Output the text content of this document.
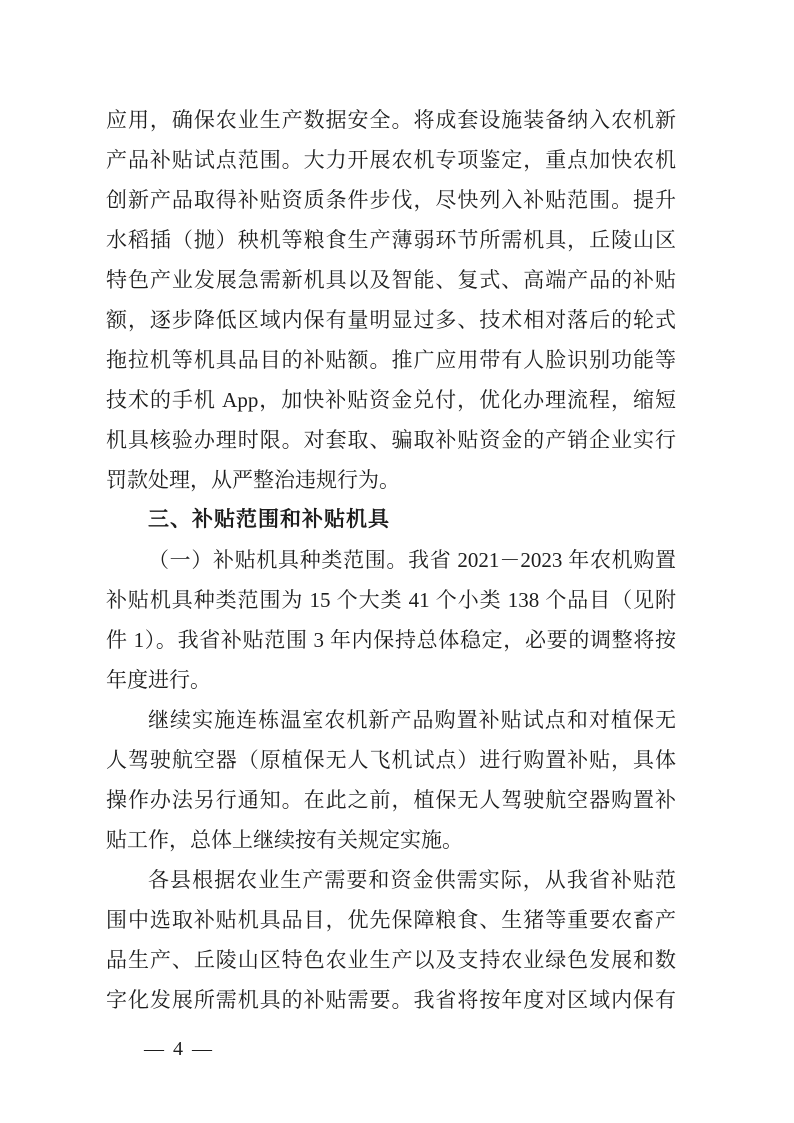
应用，确保农业生产数据安全。将成套设施装备纳入农机新
产品补贴试点范围。大力开展农机专项鉴定，重点加快农机
创新产品取得补贴资质条件步伐，尽快列入补贴范围。提升
水稻插（抛）秧机等粮食生产薄弱环节所需机具，丘陵山区
特色产业发展急需新机具以及智能、复式、高端产品的补贴
额，逐步降低区域内保有量明显过多、技术相对落后的轮式
拖拉机等机具品目的补贴额。推广应用带有人脸识别功能等
技术的手机 App，加快补贴资金兑付，优化办理流程，缩短
机具核验办理时限。对套取、骗取补贴资金的产销企业实行
罚款处理，从严整治违规行为。
三、补贴范围和补贴机具
（一）补贴机具种类范围。我省 2021－2023 年农机购置
补贴机具种类范围为 15 个大类 41 个小类 138 个品目（见附
件 1）。我省补贴范围 3 年内保持总体稳定，必要的调整将按
年度进行。
继续实施连栋温室农机新产品购置补贴试点和对植保无
人驾驶航空器（原植保无人飞机试点）进行购置补贴，具体
操作办法另行通知。在此之前，植保无人驾驶航空器购置补
贴工作，总体上继续按有关规定实施。
各县根据农业生产需要和资金供需实际，从我省补贴范
围中选取补贴机具品目，优先保障粮食、生猪等重要农畜产
品生产、丘陵山区特色农业生产以及支持农业绿色发展和数
字化发展所需机具的补贴需要。我省将按年度对区域内保有
— 4 —
